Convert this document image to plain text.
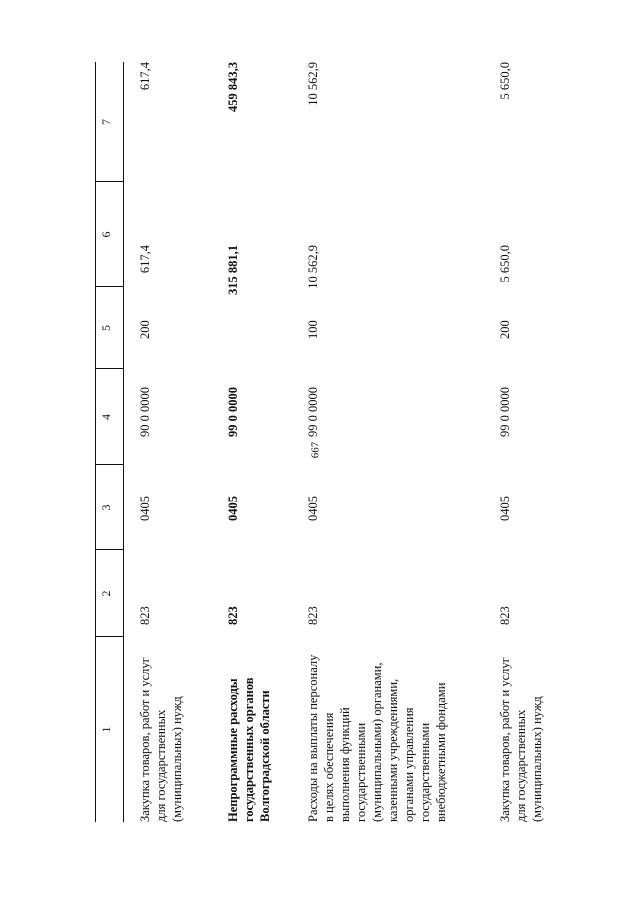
667
1
2
3
4
5
6
7
Закупка товаров, работ и услуг для государственных (муниципальных) нужд
823
0405
90 0 0000
200
617,4
617,4
Непрограммные расходы государственных органов Волгоградской области
823
0405
99 0 0000
315 881,1
459 843,3
Расходы на выплаты персоналу в целях обеспечения выполнения функций государственными (муниципальными) органами, казенными учреждениями, органами управления государственными внебюджетными фондами
823
0405
99 0 0000
100
10 562,9
10 562,9
Закупка товаров, работ и услуг для государственных (муниципальных) нужд
823
0405
99 0 0000
200
5 650,0
5 650,0
